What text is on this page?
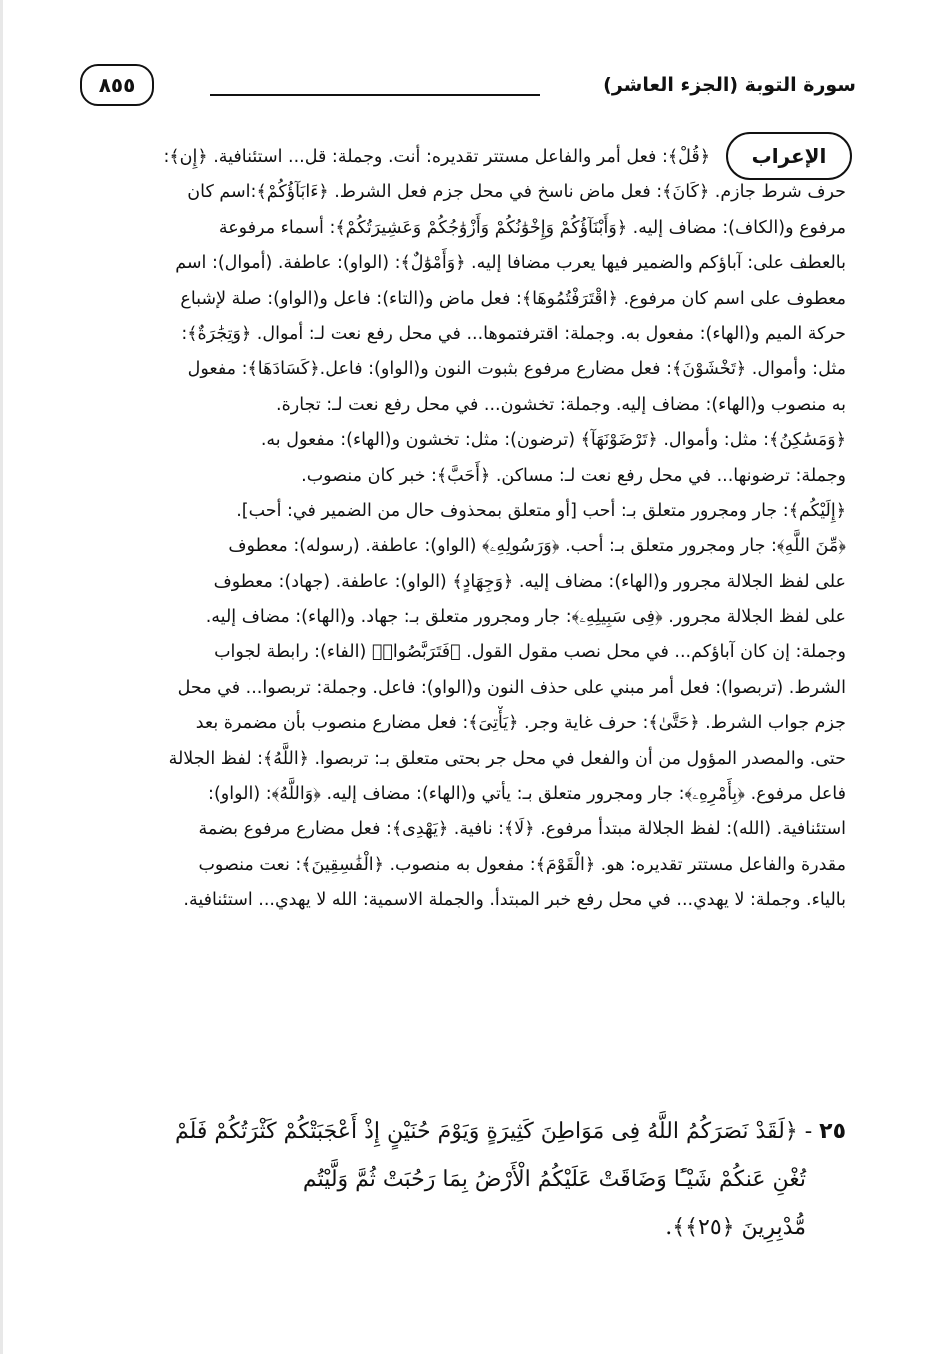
٨٥٥	سورة التوبة (الجزء العاشر)
الإعراب
﴿قُلْ﴾: فعل أمر والفاعل مستتر تقديره: أنت. وجملة: قل... استئنافية. ﴿إِن﴾:
حرف شرط جازم. ﴿كَانَ﴾: فعل ماض ناسخ في محل جزم فعل الشرط. ﴿ءَابَآؤُكُمْ﴾:اسم كان
مرفوع و(الكاف): مضاف إليه. ﴿وَأَبْنَآؤُكُمْ وَإِخْوَٰنُكُمْ وَأَزْوَٰجُكُمْ وَعَشِيرَتُكُمْ﴾: أسماء مرفوعة
بالعطف على: آباؤكم والضمير فيها يعرب مضافا إليه. ﴿وَأَمْوَٰلٌ﴾: (الواو): عاطفة. (أموال): اسم
معطوف على اسم كان مرفوع. ﴿اقْتَرَفْتُمُوهَا﴾: فعل ماض و(التاء): فاعل و(الواو): صلة لإشباع
حركة الميم و(الهاء): مفعول به. وجملة: اقترفتموها... في محل رفع نعت لـ: أموال. ﴿وَتِجَٰرَةٌ﴾:
مثل: وأموال. ﴿تَخْشَوْنَ﴾: فعل مضارع مرفوع بثبوت النون و(الواو): فاعل.﴿كَسَادَهَا﴾: مفعول
به منصوب و(الهاء): مضاف إليه. وجملة: تخشون... في محل رفع نعت لـ: تجارة.
﴿وَمَسَٰكِنُ﴾: مثل: وأموال. ﴿تَرْضَوْنَهَآ﴾ (ترضون): مثل: تخشون و(الهاء): مفعول به.
وجملة: ترضونها... في محل رفع نعت لـ: مساكن. ﴿أَحَبَّ﴾: خبر كان منصوب.
﴿إِلَيْكُم﴾: جار ومجرور متعلق بـ: أحب [أو متعلق بمحذوف حال من الضمير في: أحب].
﴿مِّنَ اللَّهِ﴾: جار ومجرور متعلق بـ: أحب. ﴿وَرَسُولِهِۦ﴾ (الواو): عاطفة. (رسوله): معطوف
على لفظ الجلالة مجرور و(الهاء): مضاف إليه. ﴿وَجِهَادٍ﴾ (الواو): عاطفة. (جهاد): معطوف
على لفظ الجلالة مجرور. ﴿فِى سَبِيلِهِۦ﴾: جار ومجرور متعلق بـ: جهاد. و(الهاء): مضاف إليه.
وجملة: إن كان آباؤكم... في محل نصب مقول القول. ﴿فَتَرَبَّصُوا۟﴾ (الفاء): رابطة لجواب
الشرط. (تربصوا): فعل أمر مبني على حذف النون و(الواو): فاعل. وجملة: تربصوا... في محل
جزم جواب الشرط. ﴿حَتَّىٰ﴾: حرف غاية وجر. ﴿يَأْتِىَ﴾: فعل مضارع منصوب بأن مضمرة بعد
حتى. والمصدر المؤول من أن والفعل في محل جر بحتى متعلق بـ: تربصوا. ﴿اللَّهُ﴾: لفظ الجلالة
فاعل مرفوع. ﴿بِأَمْرِهِۦ﴾: جار ومجرور متعلق بـ: يأتي و(الهاء): مضاف إليه. ﴿وَاللَّهُ﴾: (الواو):
استئنافية. (الله): لفظ الجلالة مبتدأ مرفوع. ﴿لَا﴾: نافية. ﴿يَهْدِى﴾: فعل مضارع مرفوع بضمة
مقدرة والفاعل مستتر تقديره: هو. ﴿الْقَوْمَ﴾: مفعول به منصوب. ﴿الْفَٰسِقِينَ﴾: نعت منصوب
بالياء. وجملة: لا يهدي... في محل رفع خبر المبتدأ. والجملة الاسمية: الله لا يهدي... استئنافية.
٢٥ - ﴿لَقَدْ نَصَرَكُمُ اللَّهُ فِى مَوَاطِنَ كَثِيرَةٍ وَيَوْمَ حُنَيْنٍ إِذْ أَعْجَبَتْكُمْ كَثْرَتُكُمْ فَلَمْ
تُغْنِ عَنكُمْ شَيْـًٔا وَضَاقَتْ عَلَيْكُمُ الْأَرْضُ بِمَا رَحُبَتْ ثُمَّ وَلَّيْتُم
مُّدْبِرِينَ ﴿٢٥﴾﴾.
